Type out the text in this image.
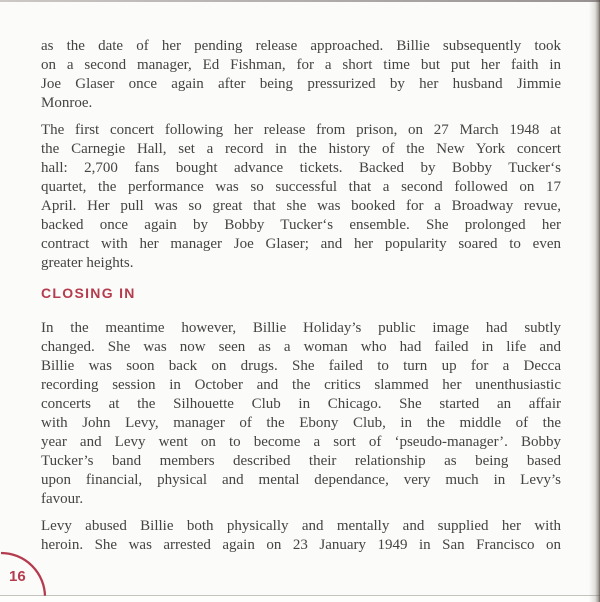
as the date of her pending release approached. Billie subsequently took
on a second manager, Ed Fishman, for a short time but put her faith in
Joe Glaser once again after being pressurized by her husband Jimmie
Monroe.
The first concert following her release from prison, on 27 March 1948 at
the Carnegie Hall, set a record in the history of the New York concert
hall: 2,700 fans bought advance tickets. Backed by Bobby Tucker‘s
quartet, the performance was so successful that a second followed on 17
April. Her pull was so great that she was booked for a Broadway revue,
backed once again by Bobby Tucker‘s ensemble. She prolonged her
contract with her manager Joe Glaser; and her popularity soared to even
greater heights.
CLOSING IN
In the meantime however, Billie Holiday’s public image had subtly
changed. She was now seen as a woman who had failed in life and
Billie was soon back on drugs. She failed to turn up for a Decca
recording session in October and the critics slammed her unenthusiastic
concerts at the Silhouette Club in Chicago. She started an affair
with John Levy, manager of the Ebony Club, in the middle of the
year and Levy went on to become a sort of ‘pseudo-manager’. Bobby
Tucker’s band members described their relationship as being based
upon financial, physical and mental dependance, very much in Levy’s
favour.
Levy abused Billie both physically and mentally and supplied her with
heroin. She was arrested again on 23 January 1949 in San Francisco on
16
